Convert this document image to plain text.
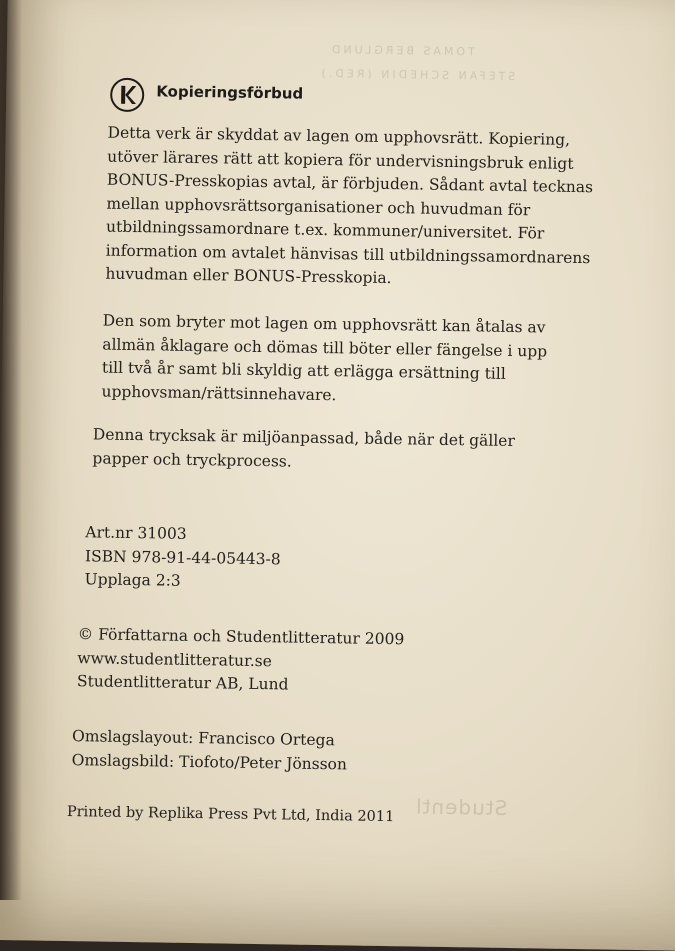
TOMAS BERGLUND
STEFAN SCHEDIN (RED.)
Studentl
Kopieringsförbud
Detta verk är skyddat av lagen om upphovsrätt. Kopiering,
utöver lärares rätt att kopiera för undervisningsbruk enligt
BONUS-Presskopias avtal, är förbjuden. Sådant avtal tecknas
mellan upphovsrättsorganisationer och huvudman för
utbildningssamordnare t.ex. kommuner/universitet. För
information om avtalet hänvisas till utbildningssamordnarens
huvudman eller BONUS-Presskopia.
Den som bryter mot lagen om upphovsrätt kan åtalas av
allmän åklagare och dömas till böter eller fängelse i upp
till två år samt bli skyldig att erlägga ersättning till
upphovsman/rättsinnehavare.
Denna trycksak är miljöanpassad, både när det gäller
papper och tryckprocess.
Art.nr 31003
ISBN 978-91-44-05443-8
Upplaga 2:3
© Författarna och Studentlitteratur 2009
www.studentlitteratur.se
Studentlitteratur AB, Lund
Omslagslayout: Francisco Ortega
Omslagsbild: Tiofoto/Peter Jönsson
Printed by Replika Press Pvt Ltd, India 2011
